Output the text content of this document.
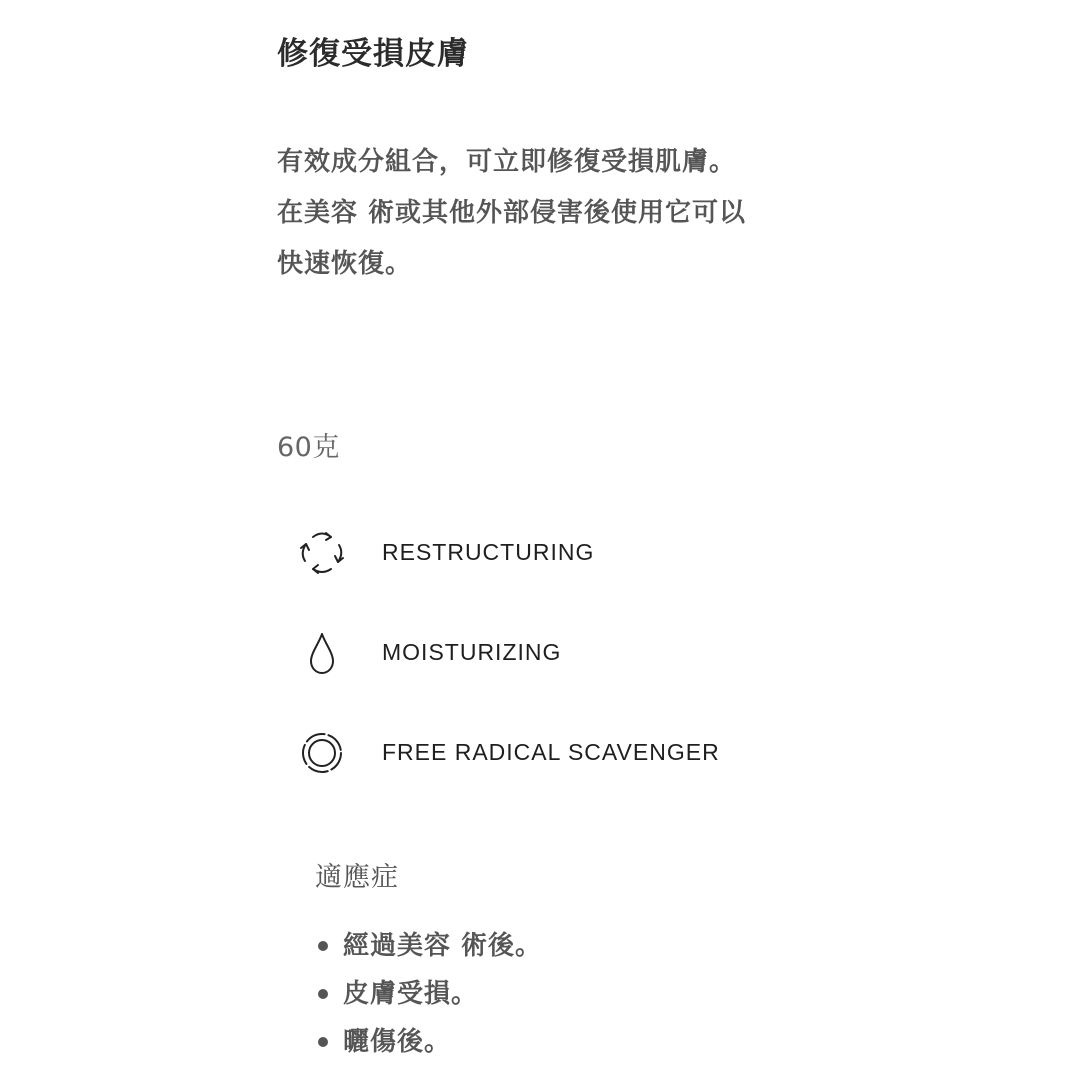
修復受損皮膚
有效成分組合，可立即修復受損肌膚。
在美容 術或其他外部侵害後使用它可以
快速恢復。
60克
RESTRUCTURING
MOISTURIZING
FREE RADICAL SCAVENGER
適應症
經過美容 術後。
皮膚受損。
曬傷後。
